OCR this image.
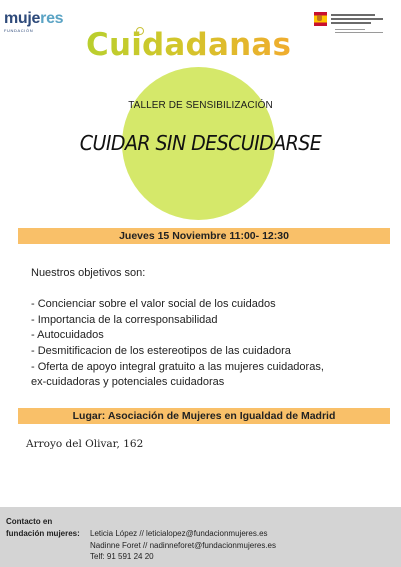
mujeres
FUNDACIÓN	Cuidadanas
TALLER DE SENSIBILIZACIÓN
CUIDAR SIN DESCUIDARSE
Jueves 15 Noviembre 11:00- 12:30
Nuestros objetivos son:
- Concienciar sobre el valor social de los cuidados
- Importancia de la corresponsabilidad
- Autocuidados
- Desmitificacion de los estereotipos de las cuidadora
- Oferta de apoyo integral gratuito a las mujeres cuidadoras,
ex-cuidadoras y potenciales cuidadoras
Lugar: Asociación de Mujeres en Igualdad de Madrid
Arroyo del Olivar, 162
Contacto en
fundación mujeres: Leticia López // leticialopez@fundacionmujeres.es
Nadinne Foret // nadinneforet@fundacionmujeres.es
Telf: 91 591 24 20
